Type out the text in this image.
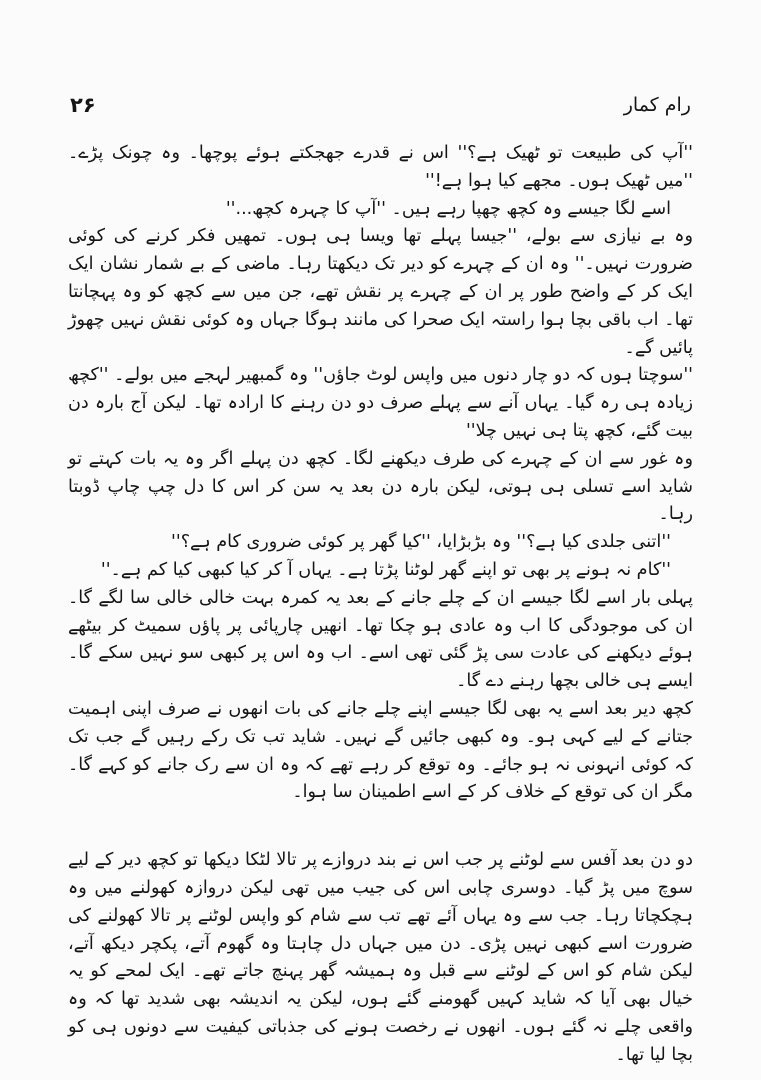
۲۶	رام کمار

''آپ کی طبیعت تو ٹھیک ہے؟'' اس نے قدرے جھجکتے ہوئے پوچھا۔ وہ چونک پڑے۔ ''میں ٹھیک ہوں۔ مجھے کیا ہوا ہے!''

اسے لگا جیسے وہ کچھ چھپا رہے ہیں۔ ''آپ کا چہرہ کچھ...''

وہ بے نیازی سے بولے، ''جیسا پہلے تھا ویسا ہی ہوں۔ تمھیں فکر کرنے کی کوئی ضرورت نہیں۔'' وہ ان کے چہرے کو دیر تک دیکھتا رہا۔ ماضی کے بے شمار نشان ایک ایک کر کے واضح طور پر ان کے چہرے پر نقش تھے، جن میں سے کچھ کو وہ پہچانتا تھا۔ اب باقی بچا ہوا راستہ ایک صحرا کی مانند ہوگا جہاں وہ کوئی نقش نہیں چھوڑ پائیں گے۔

''سوچتا ہوں کہ دو چار دنوں میں واپس لوٹ جاؤں'' وہ گمبھیر لہجے میں بولے۔ ''کچھ زیادہ ہی رہ گیا۔ یہاں آنے سے پہلے صرف دو دن رہنے کا ارادہ تھا۔ لیکن آج بارہ دن بیت گئے، کچھ پتا ہی نہیں چلا''

وہ غور سے ان کے چہرے کی طرف دیکھنے لگا۔ کچھ دن پہلے اگر وہ یہ بات کہتے تو شاید اسے تسلی ہی ہوتی، لیکن بارہ دن بعد یہ سن کر اس کا دل چپ چاپ ڈوبتا رہا۔

''اتنی جلدی کیا ہے؟'' وہ بڑبڑایا، ''کیا گھر پر کوئی ضروری کام ہے؟''

''کام نہ ہونے پر بھی تو اپنے گھر لوٹنا پڑتا ہے۔ یہاں آ کر کیا کبھی کیا کم ہے۔''

پہلی بار اسے لگا جیسے ان کے چلے جانے کے بعد یہ کمرہ بہت خالی خالی سا لگے گا۔ ان کی موجودگی کا اب وہ عادی ہو چکا تھا۔ انھیں چارپائی پر پاؤں سمیٹ کر بیٹھے ہوئے دیکھنے کی عادت سی پڑ گئی تھی اسے۔ اب وہ اس پر کبھی سو نہیں سکے گا۔ ایسے ہی خالی بچھا رہنے دے گا۔

کچھ دیر بعد اسے یہ بھی لگا جیسے اپنے چلے جانے کی بات انھوں نے صرف اپنی اہمیت جتانے کے لیے کہی ہو۔ وہ کبھی جائیں گے نہیں۔ شاید تب تک رکے رہیں گے جب تک کہ کوئی انہونی نہ ہو جائے۔ وہ توقع کر رہے تھے کہ وہ ان سے رک جانے کو کہے گا۔ مگر ان کی توقع کے خلاف کر کے اسے اطمینان سا ہوا۔

دو دن بعد آفس سے لوٹنے پر جب اس نے بند دروازے پر تالا لٹکا دیکھا تو کچھ دیر کے لیے سوچ میں پڑ گیا۔ دوسری چابی اس کی جیب میں تھی لیکن دروازہ کھولنے میں وہ ہچکچاتا رہا۔ جب سے وہ یہاں آئے تھے تب سے شام کو واپس لوٹنے پر تالا کھولنے کی ضرورت اسے کبھی نہیں پڑی۔ دن میں جہاں دل چاہتا وہ گھوم آتے، پکچر دیکھ آتے، لیکن شام کو اس کے لوٹنے سے قبل وہ ہمیشہ گھر پہنچ جاتے تھے۔ ایک لمحے کو یہ خیال بھی آیا کہ شاید کہیں گھومنے گئے ہوں، لیکن یہ اندیشہ بھی شدید تھا کہ وہ واقعی چلے نہ گئے ہوں۔ انھوں نے رخصت ہونے کی جذباتی کیفیت سے دونوں ہی کو بچا لیا تھا۔
